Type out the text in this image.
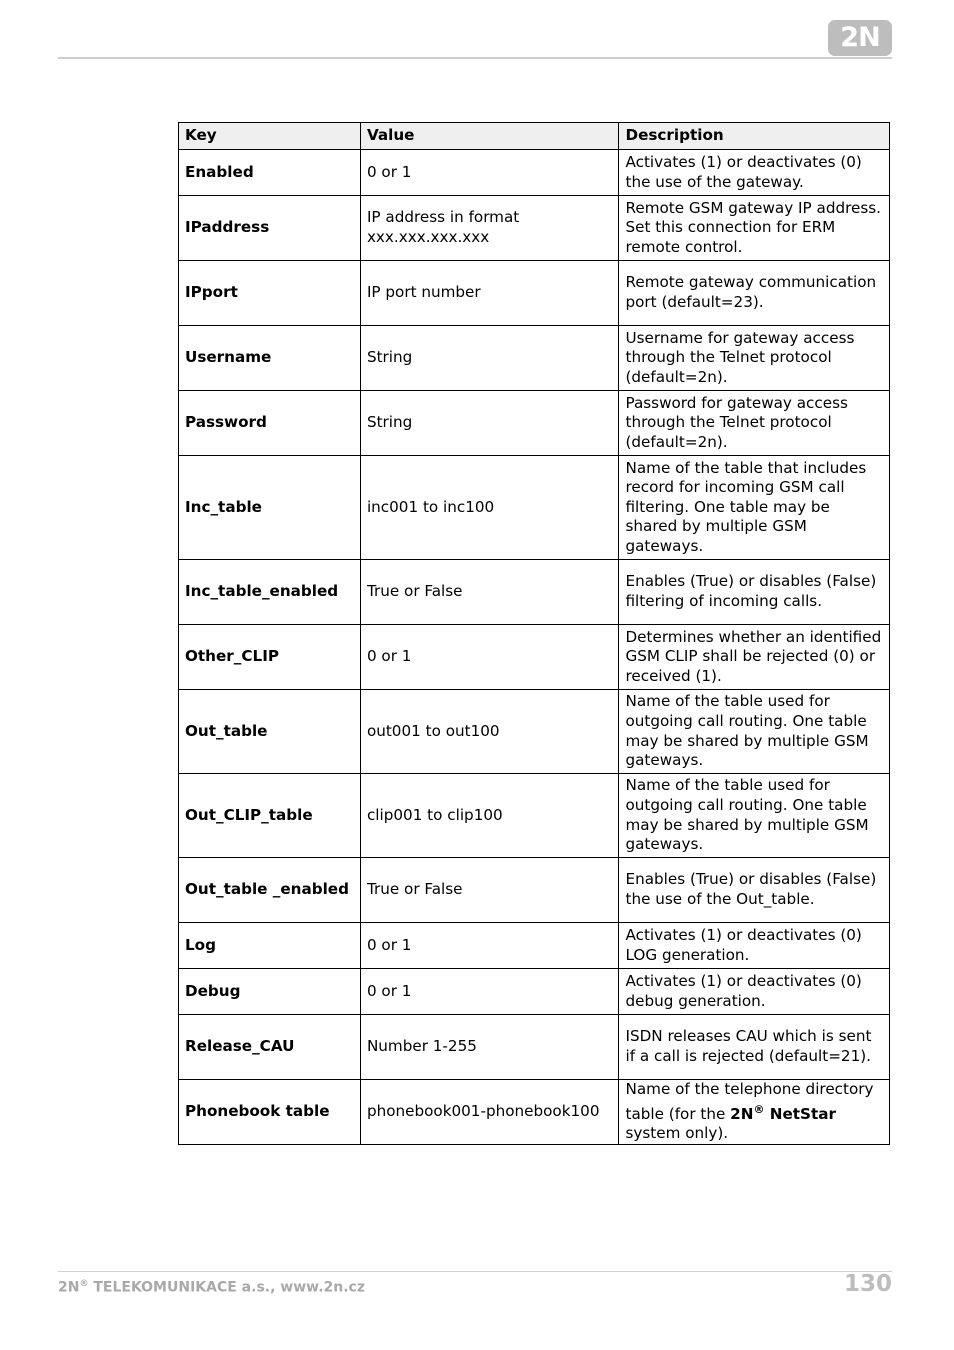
2N
Key	Value	Description
Enabled	0 or 1	Activates (1) or deactivates (0) the use of the gateway.
IPaddress	IP address in format xxx.xxx.xxx.xxx	Remote GSM gateway IP address. Set this connection for ERM remote control.
IPport	IP port number	Remote gateway communication port (default=23).
Username	String	Username for gateway access through the Telnet protocol (default=2n).
Password	String	Password for gateway access through the Telnet protocol (default=2n).
Inc_table	inc001 to inc100	Name of the table that includes record for incoming GSM call filtering. One table may be shared by multiple GSM gateways.
Inc_table_enabled	True or False	Enables (True) or disables (False) filtering of incoming calls.
Other_CLIP	0 or 1	Determines whether an identified GSM CLIP shall be rejected (0) or received (1).
Out_table	out001 to out100	Name of the table used for outgoing call routing. One table may be shared by multiple GSM gateways.
Out_CLIP_table	clip001 to clip100	Name of the table used for outgoing call routing. One table may be shared by multiple GSM gateways.
Out_table _enabled	True or False	Enables (True) or disables (False) the use of the Out_table.
Log	0 or 1	Activates (1) or deactivates (0) LOG generation.
Debug	0 or 1	Activates (1) or deactivates (0) debug generation.
Release_CAU	Number 1-255	ISDN releases CAU which is sent if a call is rejected (default=21).
Phonebook table	phonebook001-phonebook100	Name of the telephone directory table (for the 2N® NetStar system only).
2N® TELEKOMUNIKACE a.s., www.2n.cz	130
